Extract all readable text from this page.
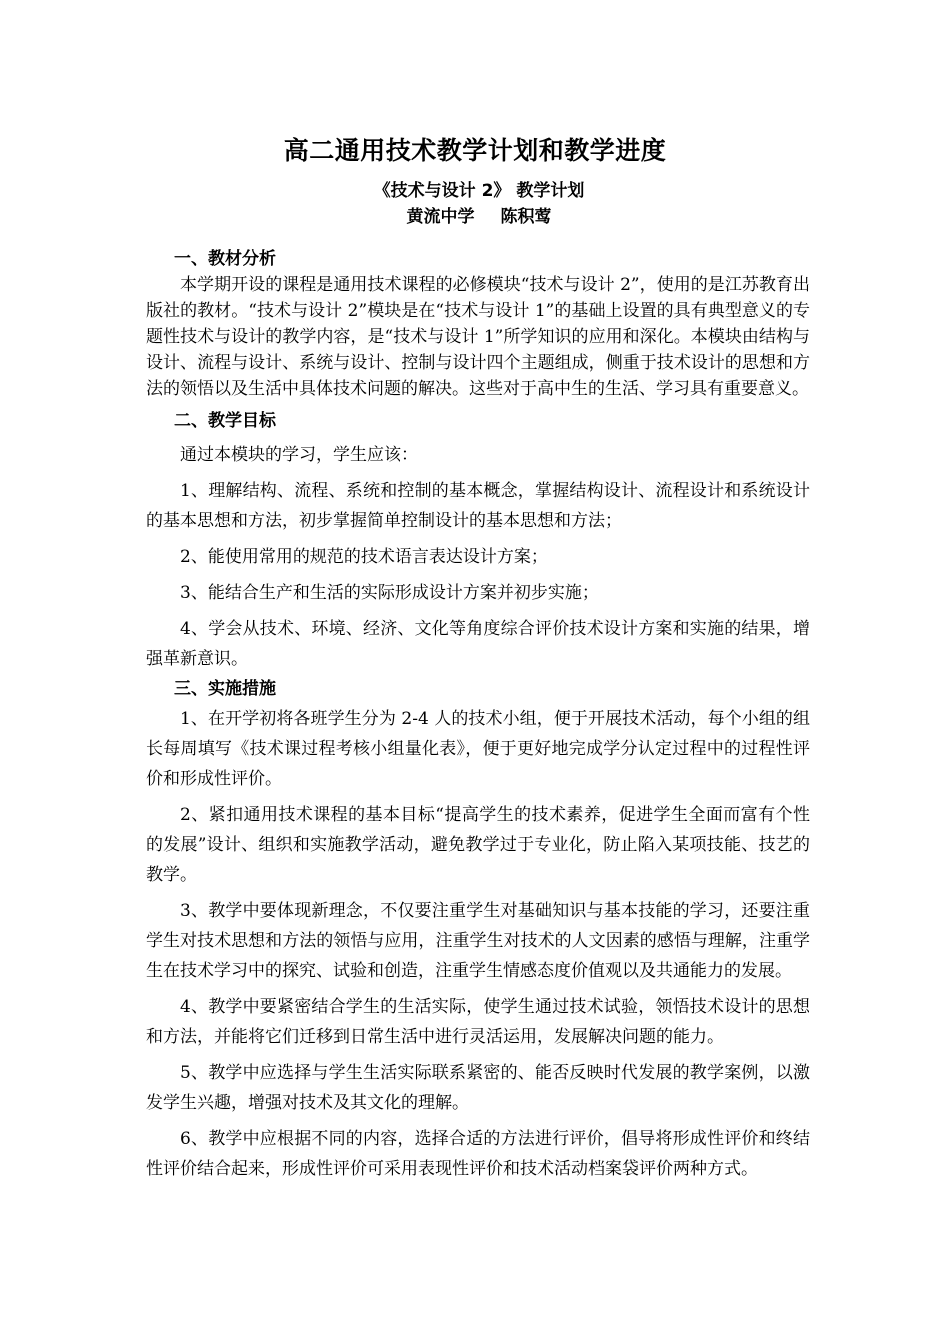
高二通用技术教学计划和教学进度
《技术与设计 2》 教学计划
黄流中学 陈积莺
一、教材分析

本学期开设的课程是通用技术课程的必修模块“技术与设计 2”，使用的是江苏教育出版社的教材。“技术与设计 2”模块是在“技术与设计 1”的基础上设置的具有典型意义的专题性技术与设计的教学内容，是“技术与设计 1”所学知识的应用和深化。本模块由结构与设计、流程与设计、系统与设计、控制与设计四个主题组成，侧重于技术设计的思想和方法的领悟以及生活中具体技术问题的解决。这些对于高中生的生活、学习具有重要意义。

二、教学目标

通过本模块的学习，学生应该：

1、理解结构、流程、系统和控制的基本概念，掌握结构设计、流程设计和系统设计的基本思想和方法，初步掌握简单控制设计的基本思想和方法；

2、能使用常用的规范的技术语言表达设计方案；

3、能结合生产和生活的实际形成设计方案并初步实施；

4、学会从技术、环境、经济、文化等角度综合评价技术设计方案和实施的结果，增强革新意识。

三、实施措施

1、在开学初将各班学生分为 2-4 人的技术小组，便于开展技术活动，每个小组的组长每周填写《技术课过程考核小组量化表》，便于更好地完成学分认定过程中的过程性评价和形成性评价。

2、紧扣通用技术课程的基本目标“提高学生的技术素养，促进学生全面而富有个性的发展”设计、组织和实施教学活动，避免教学过于专业化，防止陷入某项技能、技艺的教学。

3、教学中要体现新理念，不仅要注重学生对基础知识与基本技能的学习，还要注重学生对技术思想和方法的领悟与应用，注重学生对技术的人文因素的感悟与理解，注重学生在技术学习中的探究、试验和创造，注重学生情感态度价值观以及共通能力的发展。

4、教学中要紧密结合学生的生活实际，使学生通过技术试验，领悟技术设计的思想和方法，并能将它们迁移到日常生活中进行灵活运用，发展解决问题的能力。

5、教学中应选择与学生生活实际联系紧密的、能否反映时代发展的教学案例，以激发学生兴趣，增强对技术及其文化的理解。

6、教学中应根据不同的内容，选择合适的方法进行评价，倡导将形成性评价和终结性评价结合起来，形成性评价可采用表现性评价和技术活动档案袋评价两种方式。
